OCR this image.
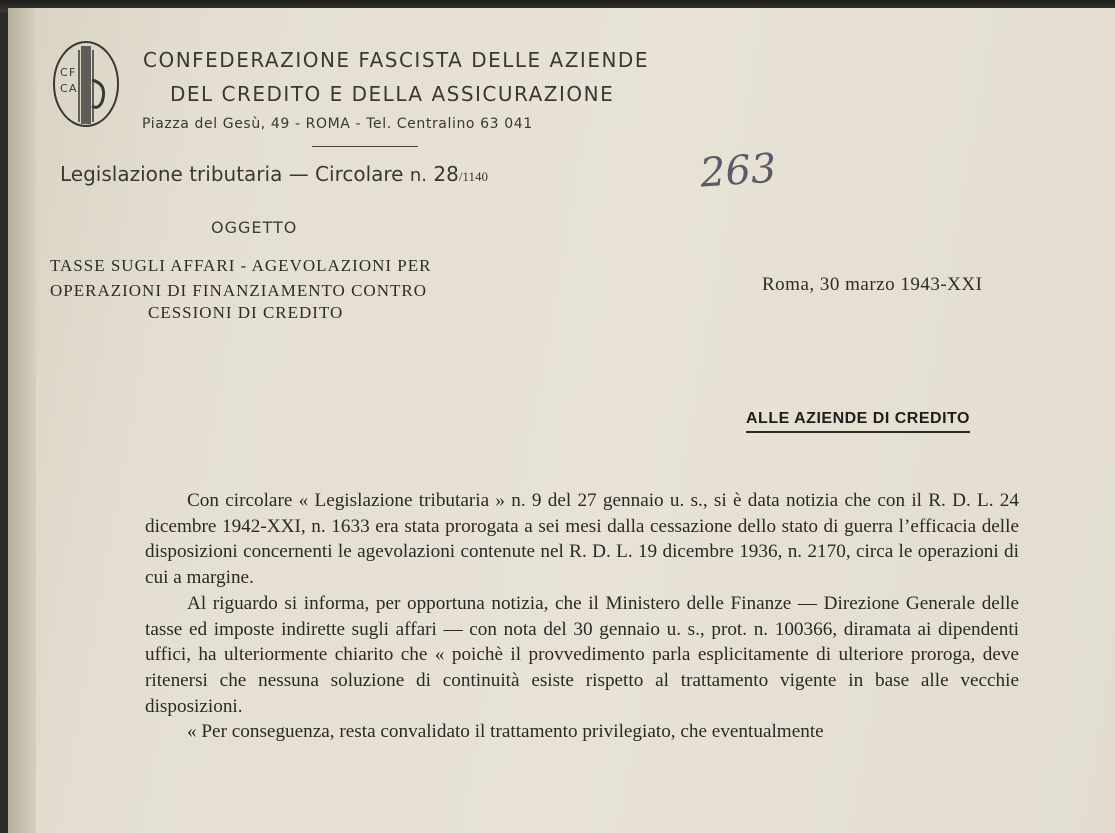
C F
C A
CONFEDERAZIONE FASCISTA DELLE AZIENDE
DEL CREDITO E DELLA ASSICURAZIONE
Piazza del Gesù, 49 - ROMA - Tel. Centralino 63 041
Legislazione tributaria — Circolare n. 28/1140	263
OGGETTO
TASSE SUGLI AFFARI - AGEVOLAZIONI PER
OPERAZIONI DI FINANZIAMENTO CONTRO
CESSIONI DI CREDITO
Roma, 30 marzo 1943-XXI
ALLE AZIENDE DI CREDITO

Con circolare « Legislazione tributaria » n. 9 del 27 gennaio u. s., si è data notizia che con il R. D. L. 24 dicembre 1942-XXI, n. 1633 era stata prorogata a sei mesi dalla cessazione dello stato di guerra l’efficacia delle disposizioni concernenti le agevolazioni contenute nel R. D. L. 19 dicembre 1936, n. 2170, circa le operazioni di cui a margine.

Al riguardo si informa, per opportuna notizia, che il Ministero delle Finanze — Direzione Generale delle tasse ed imposte indirette sugli affari — con nota del 30 gennaio u. s., prot. n. 100366, diramata ai dipendenti uffici, ha ulteriormente chiarito che « poichè il provvedimento parla esplicitamente di ulteriore proroga, deve ritenersi che nessuna soluzione di continuità esiste rispetto al trattamento vigente in base alle vecchie disposizioni.

« Per conseguenza, resta convalidato il trattamento privilegiato, che eventualmente
